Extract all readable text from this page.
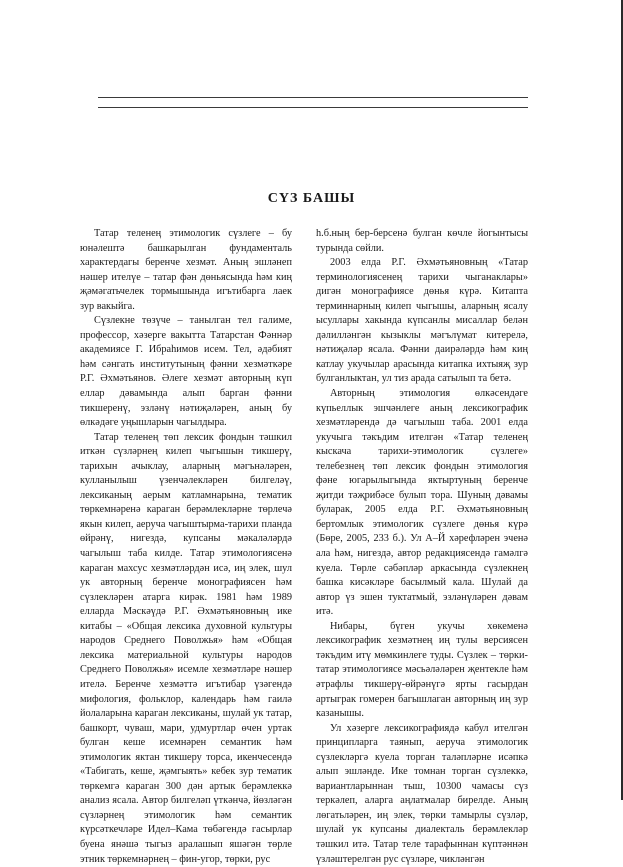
СҮЗ БАШЫ

Татар теленең этимологик сүзлеге – бу юнәлештә башкарылган фундаменталь характердагы беренче хезмәт. Аның эшләнеп нәшер ителүе – татар фән дөньясында һәм киң җәмәгатьчелек тормышында игътибарга лаек зур вакыйга.

Сүзлекне төзүче – танылган тел галиме, профессор, хәзерге вакытта Татарстан Фәннәр академиясе Г. Ибраһимов исем. Тел, әдәбият һәм сәнгать институтының фәнни хезмәткәре Р.Г. Әхмәтьянов. Әлеге хезмәт авторның күп еллар дәвамында алып барган фәнни тикшеренү, эзләнү нәтиҗәләрен, аның бу өлкәдәге уңышларын чагылдыра.

Татар теленең төп лексик фондын тәшкил иткән сүзләрнең килеп чыгышын тикшерү, тарихын ачыклау, аларның мәгънәләрен, кулланылыш үзенчәлекләрен билгеләү, лексиканың аерым катламнарына, тематик төркемнәренә караган берәмлекләрне төрлечә якын килеп, аеруча чагыштырма-тарихи планда өйрәнү, нигездә, купсаны мәкаләләрдә чагылыш таба килде. Татар этимологиясенә караган махсус хезмәтләрдән исә, иң элек, шул ук авторның беренче монографиясен һәм сүзлекләрен атарга кирәк. 1981 һәм 1989 елларда Мәскәүдә Р.Г. Әхмәтьяновның ике китабы – «Общая лексика духовной культуры народов Среднего Поволжья» һәм «Общая лексика материальной культуры народов Среднего Поволжья» исемле хезмәтләре нәшер ителә. Беренче хезмәттә игътибар үзәгендә мифология, фольклор, календарь һәм гаилә йолаларына караган лексиканы, шулай ук татар, башкорт, чуваш, мари, удмуртлар өчен уртак булган кеше исемнәрен семантик һәм этимологик яктан тикшеру торса, икенчесендә «Табигать, кеше, җәмгыять» кебек зур тематик төркемгә караган 300 дән артык берәмлеккә анализ ясала. Автор билгеләп үткәнчә, йөзләгән сүзләрнең этимологик һәм семантик күрсәткечләре Идел–Кама төбәгендә гасырлар буена янәшә тыгыз аралашып яшәгән төрле этник төркемнәрнең – фин-угор, төрки, рус

h.б.ның бер-берсенә булган көчле йогынтысы турында сөйли.

2003 елда Р.Г. Әхмәтьяновның «Татар терминологиясенең тарихи чыганаклары» дигән монографиясе дөнья күрә. Китапта терминнарның килеп чыгышы, аларның ясалу ысуллары хакында күпсанлы мисаллар белән дәлилләнгән кызыклы мәгълүмат китерелә, нәтиҗәләр ясала. Фәнни даирәләрдә һәм киң катлау укучылар арасында китапка ихтыяҗ зур булганлыктан, ул тиз арада сатылып та бетә.

Авторның этимология өлкәсендәге күпьеллык эшчәнлеге аның лексикографик хезмәтләрендә дә чагылыш таба. 2001 елда укучыга тәкъдим ителгән «Татар теленең кыскача тарихи-этимологик сүзлеге» телебезнең төп лексик фондын этимология фәне югарылыгында яктыртуның беренче җитди тәҗрибәсе булып тора. Шуның дәвамы буларак, 2005 елда Р.Г. Әхмәтьяновның бертомлык этимологик сүзлеге дөнья күрә (Бөре, 2005, 233 б.). Ул А–Й хәрефләрен эченә ала һәм, нигездә, автор редакциясендә гамәлгә куела. Төрле сәбәпләр аркасында сүзлекнең башка кисәкләре басылмый кала. Шулай да автор үз эшен туктатмый, эзләнүләрен дәвам итә.

Нибары, бүген укучы хөкеменә лексикографик хезмәтнең иң тулы версиясен тәкъдим итү мөмкинлеге туды. Сүзлек – төрки-татар этимологиясе мәсьәләләрен җентекле һәм әтрафлы тикшерү-өйрәнүгә ярты гасырдан артыграк гомерен багышлаган авторның иң зур казанышы.

Ул хәзерге лексикографиядә кабул ителгән принципларга таянып, аеруча этимологик сүзлекләргә куела торган таләпләрне исәпкә алып эшләнде. Ике томнан торган сүзлеккә, вариантларыннан тыш, 10300 чамасы сүз теркәлеп, аларга аңлатмалар бирелде. Аның лөгатьләрен, иң элек, төрки тамырлы сүзләр, шулай ук купсаны диалекталь берәмлекләр тәшкил итә. Татар теле тарафыннан күптәннән үзләштерелгән рус сүзләре, чикләнгән
